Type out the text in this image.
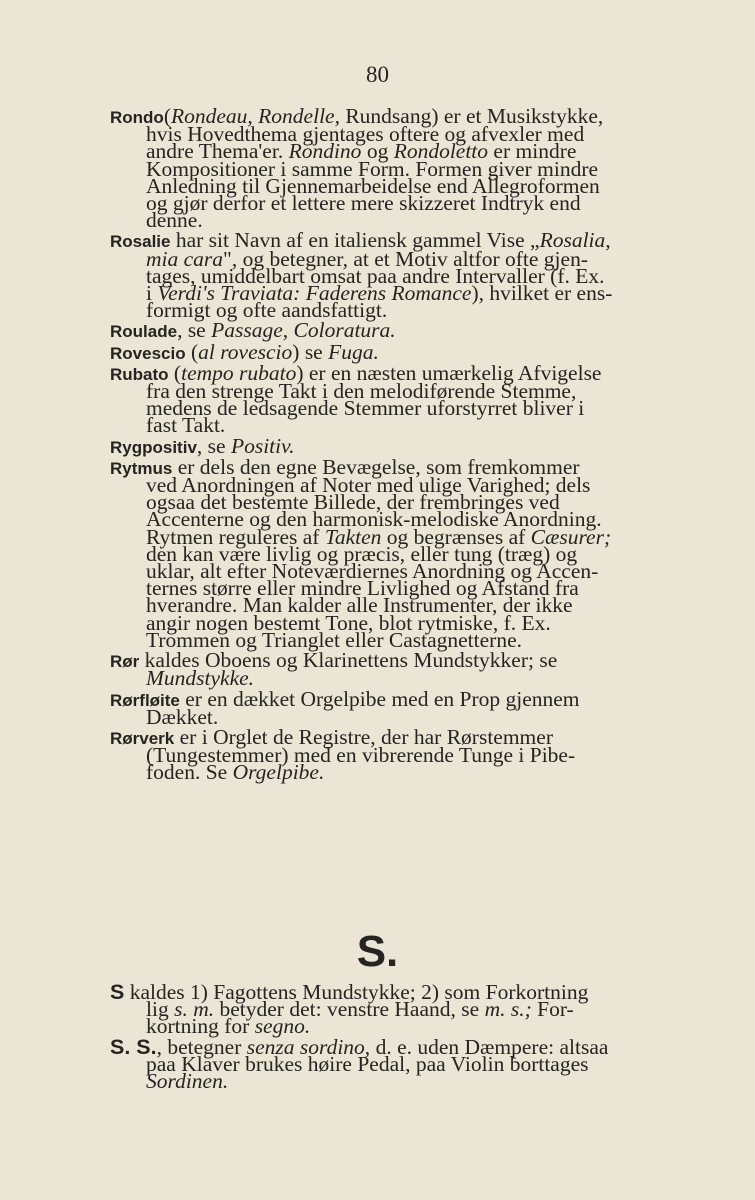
80
Rondo(Rondeau, Rondelle, Rundsang) er et Musikstykke,
hvis Hovedthema gjentages oftere og afvexler med
andre Thema'er. Rondino og Rondoletto er mindre
Kompositioner i samme Form. Formen giver mindre
Anledning til Gjennemarbeidelse end Allegroformen
og gjør derfor et lettere mere skizzeret Indtryk end
denne.
Rosalie har sit Navn af en italiensk gammel Vise „Rosalia,
mia cara", og betegner, at et Motiv altfor ofte gjen-
tages, umiddelbart omsat paa andre Intervaller (f. Ex.
i Verdi's Traviata: Faderens Romance), hvilket er ens-
formigt og ofte aandsfattigt.
Roulade, se Passage, Coloratura.
Rovescio (al rovescio) se Fuga.
Rubato (tempo rubato) er en næsten umærkelig Afvigelse
fra den strenge Takt i den melodiførende Stemme,
medens de ledsagende Stemmer uforstyrret bliver i
fast Takt.
Rygpositiv, se Positiv.
Rytmus er dels den egne Bevægelse, som fremkommer
ved Anordningen af Noter med ulige Varighed; dels
ogsaa det bestemte Billede, der frembringes ved
Accenterne og den harmonisk-melodiske Anordning.
Rytmen reguleres af Takten og begrænses af Cæsurer;
den kan være livlig og præcis, eller tung (træg) og
uklar, alt efter Noteværdiernes Anordning og Accen-
ternes større eller mindre Livlighed og Afstand fra
hverandre. Man kalder alle Instrumenter, der ikke
angir nogen bestemt Tone, blot rytmiske, f. Ex.
Trommen og Trianglet eller Castagnetterne.
Rør kaldes Oboens og Klarinettens Mundstykker; se
Mundstykke.
Rørfløite er en dækket Orgelpibe med en Prop gjennem
Dækket.
Rørverk er i Orglet de Registre, der har Rørstemmer
(Tungestemmer) med en vibrerende Tunge i Pibe-
foden. Se Orgelpibe.
S.
S kaldes 1) Fagottens Mundstykke; 2) som Forkortning
lig s. m. betyder det: venstre Haand, se m. s.; For-
kortning for segno.
S. S., betegner senza sordino, d. e. uden Dæmpere: altsaa
paa Klaver brukes høire Pedal, paa Violin borttages
Sordinen.
